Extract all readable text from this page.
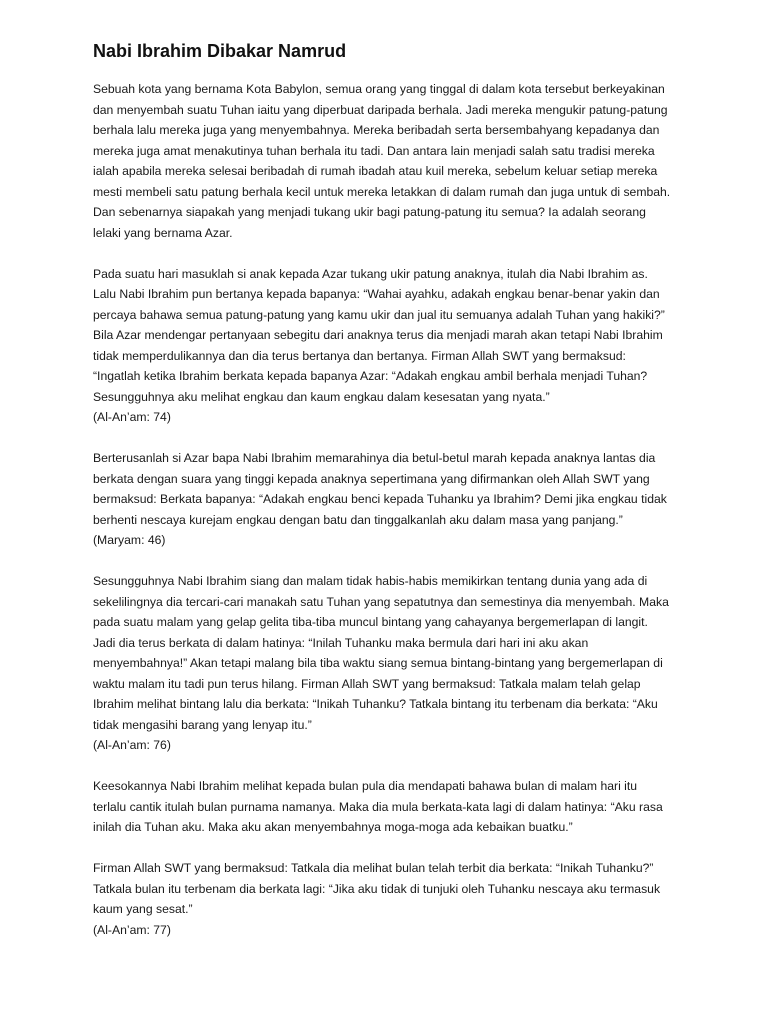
Nabi Ibrahim Dibakar Namrud

Sebuah kota yang bernama Kota Babylon, semua orang yang tinggal di dalam kota tersebut berkeyakinan
dan menyembah suatu Tuhan iaitu yang diperbuat daripada berhala. Jadi mereka mengukir patung-patung
berhala lalu mereka juga yang menyembahnya. Mereka beribadah serta bersembahyang kepadanya dan
mereka juga amat menakutinya tuhan berhala itu tadi. Dan antara lain menjadi salah satu tradisi mereka
ialah apabila mereka selesai beribadah di rumah ibadah atau kuil mereka, sebelum keluar setiap mereka
mesti membeli satu patung berhala kecil untuk mereka letakkan di dalam rumah dan juga untuk di sembah.
Dan sebenarnya siapakah yang menjadi tukang ukir bagi patung-patung itu semua? Ia adalah seorang
lelaki yang bernama Azar.

Pada suatu hari masuklah si anak kepada Azar tukang ukir patung anaknya, itulah dia Nabi Ibrahim as.
Lalu Nabi Ibrahim pun bertanya kepada bapanya: “Wahai ayahku, adakah engkau benar-benar yakin dan
percaya bahawa semua patung-patung yang kamu ukir dan jual itu semuanya adalah Tuhan yang hakiki?”
Bila Azar mendengar pertanyaan sebegitu dari anaknya terus dia menjadi marah akan tetapi Nabi Ibrahim
tidak memperdulikannya dan dia terus bertanya dan bertanya. Firman Allah SWT yang bermaksud:
“Ingatlah ketika Ibrahim berkata kepada bapanya Azar: “Adakah engkau ambil berhala menjadi Tuhan?
Sesungguhnya aku melihat engkau dan kaum engkau dalam kesesatan yang nyata.”
(Al-An’am: 74)

Berterusanlah si Azar bapa Nabi Ibrahim memarahinya dia betul-betul marah kepada anaknya lantas dia
berkata dengan suara yang tinggi kepada anaknya sepertimana yang difirmankan oleh Allah SWT yang
bermaksud: Berkata bapanya: “Adakah engkau benci kepada Tuhanku ya Ibrahim? Demi jika engkau tidak
berhenti nescaya kurejam engkau dengan batu dan tinggalkanlah aku dalam masa yang panjang.”
(Maryam: 46)

Sesungguhnya Nabi Ibrahim siang dan malam tidak habis-habis memikirkan tentang dunia yang ada di
sekelilingnya dia tercari-cari manakah satu Tuhan yang sepatutnya dan semestinya dia menyembah. Maka
pada suatu malam yang gelap gelita tiba-tiba muncul bintang yang cahayanya bergemerlapan di langit.
Jadi dia terus berkata di dalam hatinya: “Inilah Tuhanku maka bermula dari hari ini aku akan
menyembahnya!” Akan tetapi malang bila tiba waktu siang semua bintang-bintang yang bergemerlapan di
waktu malam itu tadi pun terus hilang. Firman Allah SWT yang bermaksud: Tatkala malam telah gelap
Ibrahim melihat bintang lalu dia berkata: “Inikah Tuhanku? Tatkala bintang itu terbenam dia berkata: “Aku
tidak mengasihi barang yang lenyap itu.”
(Al-An’am: 76)

Keesokannya Nabi Ibrahim melihat kepada bulan pula dia mendapati bahawa bulan di malam hari itu
terlalu cantik itulah bulan purnama namanya. Maka dia mula berkata-kata lagi di dalam hatinya: “Aku rasa
inilah dia Tuhan aku. Maka aku akan menyembahnya moga-moga ada kebaikan buatku.”

Firman Allah SWT yang bermaksud: Tatkala dia melihat bulan telah terbit dia berkata: “Inikah Tuhanku?”
Tatkala bulan itu terbenam dia berkata lagi: “Jika aku tidak di tunjuki oleh Tuhanku nescaya aku termasuk
kaum yang sesat.”
(Al-An’am: 77)
